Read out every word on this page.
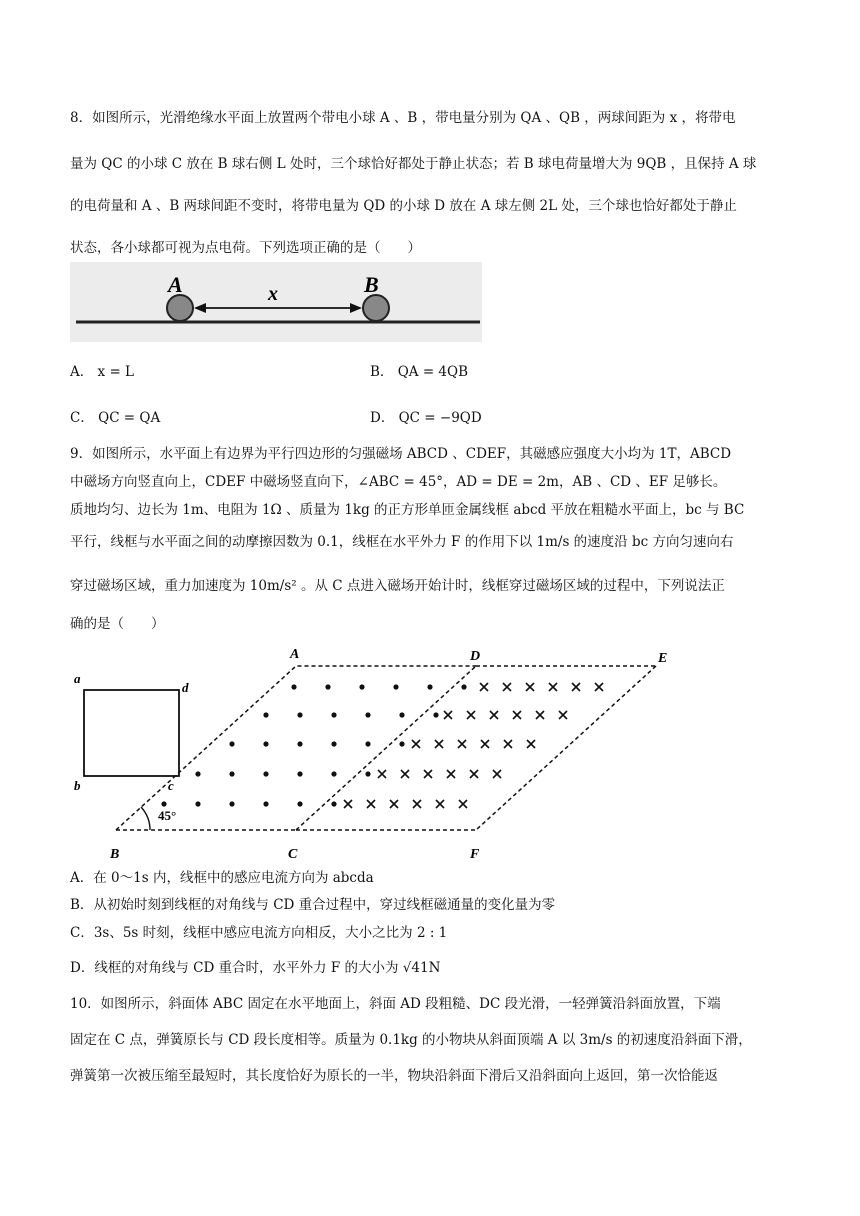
8．如图所示，光滑绝缘水平面上放置两个带电小球 A 、B ，带电量分别为 QA 、QB ，两球间距为 x ，将带电
量为 QC 的小球 C 放在 B 球右侧 L 处时，三个球恰好都处于静止状态；若 B 球电荷量增大为 9QB ，且保持 A 球
的电荷量和 A 、B 两球间距不变时，将带电量为 QD 的小球 D 放在 A 球左侧 2L 处，三个球也恰好都处于静止
状态，各小球都可视为点电荷。下列选项正确的是（　　）
A	B
x
A． x = L	B． QA = 4QB
C． QC = QA	D． QC = −9QD
9．如图所示，水平面上有边界为平行四边形的匀强磁场 ABCD 、CDEF，其磁感应强度大小均为 1T，ABCD
中磁场方向竖直向上，CDEF 中磁场竖直向下，∠ABC = 45°，AD = DE = 2m，AB 、CD 、EF 足够长。
质地均匀、边长为 1m、电阻为 1Ω 、质量为 1kg 的正方形单匝金属线框 abcd 平放在粗糙水平面上，bc 与 BC
平行，线框与水平面之间的动摩擦因数为 0.1，线框在水平外力 F 的作用下以 1m/s 的速度沿 bc 方向匀速向右
穿过磁场区域，重力加速度为 10m/s² 。从 C 点进入磁场开始计时，线框穿过磁场区域的过程中，下列说法正
确的是（　　）
A	D	E
B	C	F
a
b	c
d
45°
A．在 0～1s 内，线框中的感应电流方向为 abcda
B．从初始时刻到线框的对角线与 CD 重合过程中，穿过线框磁通量的变化量为零
C．3s、5s 时刻，线框中感应电流方向相反，大小之比为 2 : 1
D．线框的对角线与 CD 重合时，水平外力 F 的大小为 √41N
10．如图所示，斜面体 ABC 固定在水平地面上，斜面 AD 段粗糙、DC 段光滑，一轻弹簧沿斜面放置，下端
固定在 C 点，弹簧原长与 CD 段长度相等。质量为 0.1kg 的小物块从斜面顶端 A 以 3m/s 的初速度沿斜面下滑，
弹簧第一次被压缩至最短时，其长度恰好为原长的一半，物块沿斜面下滑后又沿斜面向上返回，第一次恰能返
